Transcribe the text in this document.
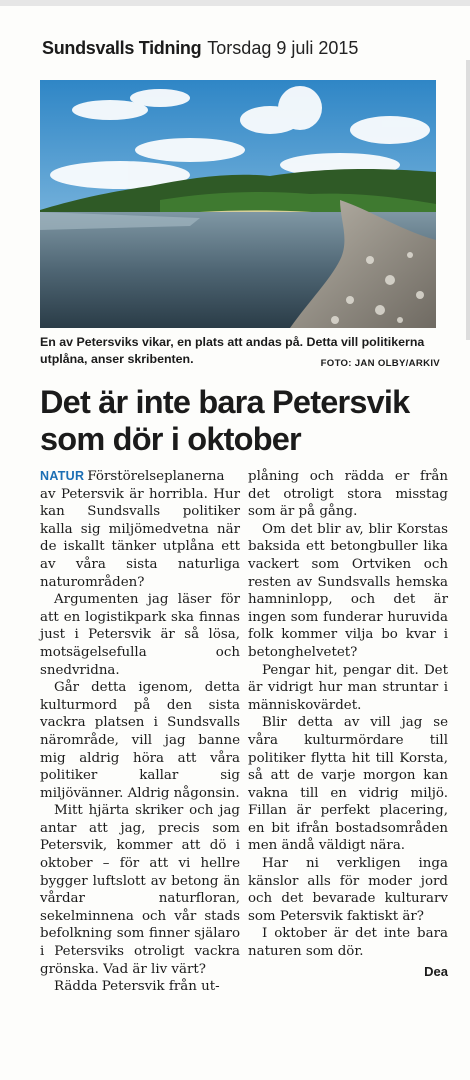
Sundsvalls Tidning Torsdag 9 juli 2015
En av Petersviks vikar, en plats att andas på. Detta vill politikerna utplåna, anser skribenten.	FOTO: JAN OLBY/ARKIV
Det är inte bara Petersvik
som dör i oktober

NATUR Förstörelseplanerna av Petersvik är horribla. Hur kan Sundsvalls politiker kalla sig miljömedvetna när de iskallt tänker utplåna ett av våra sista naturliga naturområden?

Argumenten jag läser för att en logistikpark ska finnas just i Petersvik är så lösa, motsägelsefulla och snedvridna.

Går detta igenom, detta kulturmord på den sista vackra platsen i Sundsvalls närområde, vill jag banne mig aldrig höra att våra politiker kallar sig miljövänner. Aldrig någonsin.

Mitt hjärta skriker och jag antar att jag, precis som Petersvik, kommer att dö i oktober – för att vi hellre bygger luftslott av betong än vårdar naturfloran, sekelminnena och vår stads befolkning som finner själaro i Petersviks otroligt vackra grönska. Vad är liv värt?

Rädda Petersvik från ut-

plåning och rädda er från det otroligt stora misstag som är på gång.

Om det blir av, blir Korstas baksida ett betongbuller lika vackert som Ortviken och resten av Sundsvalls hemska hamninlopp, och det är ingen som funderar huruvida folk kommer vilja bo kvar i betonghelvetet?

Pengar hit, pengar dit. Det är vidrigt hur man struntar i människovärdet.

Blir detta av vill jag se våra kulturmördare till politiker flytta hit till Korsta, så att de varje morgon kan vakna till en vidrig miljö. Fillan är perfekt placering, en bit ifrån bostadsområden men ändå väldigt nära.

Har ni verkligen inga känslor alls för moder jord och det bevarade kulturarv som Petersvik faktiskt är?

I oktober är det inte bara naturen som dör.

Dea
